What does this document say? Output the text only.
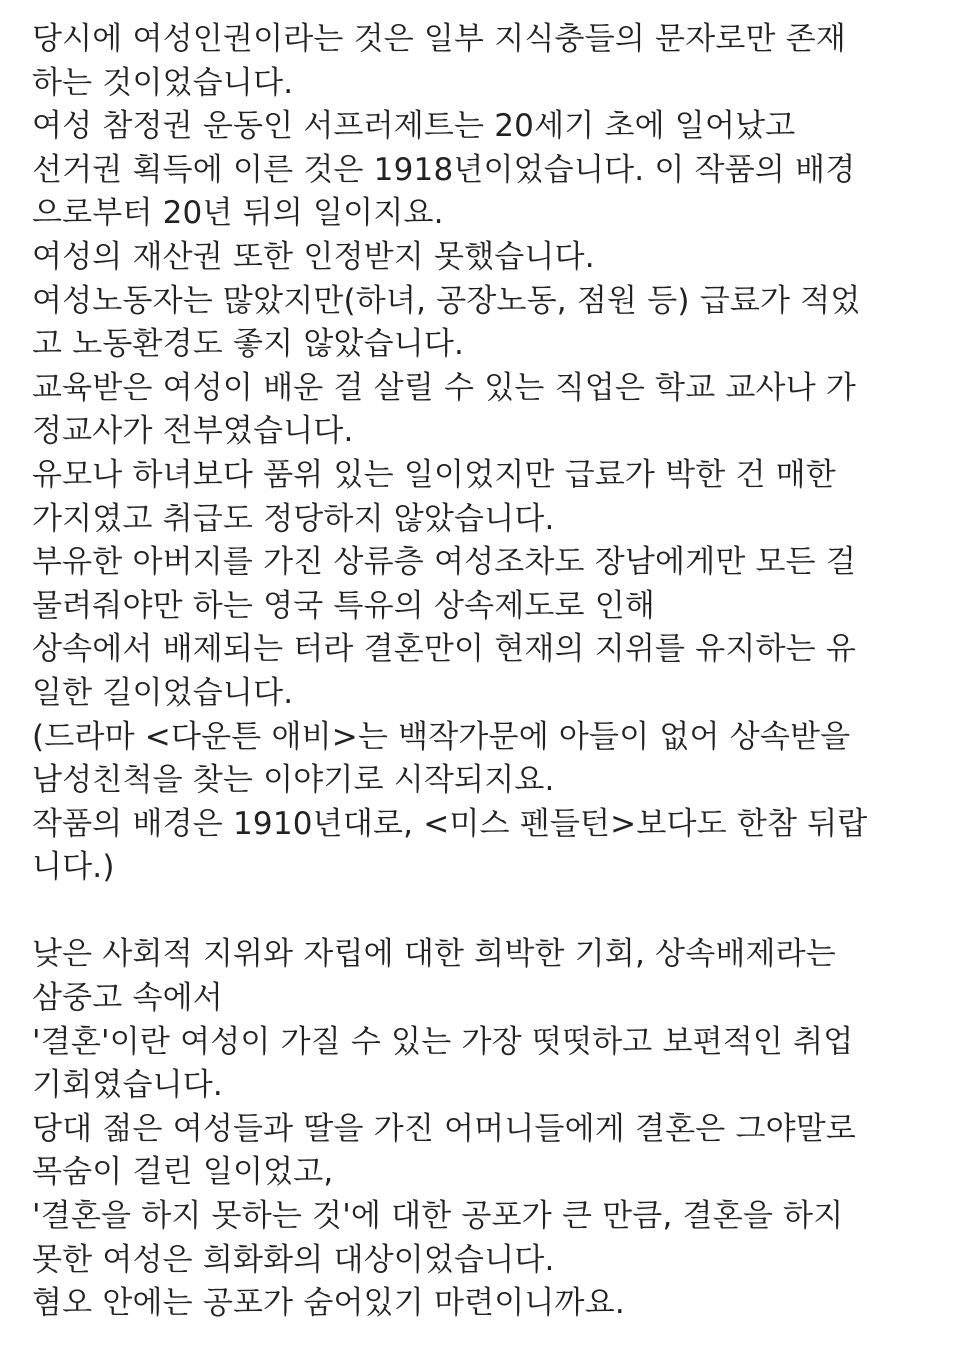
당시에 여성인권이라는 것은 일부 지식충들의 문자로만 존재
하는 것이었습니다.
여성 참정권 운동인 서프러제트는 20세기 초에 일어났고
선거권 획득에 이른 것은 1918년이었습니다. 이 작품의 배경
으로부터 20년 뒤의 일이지요.
여성의 재산권 또한 인정받지 못했습니다.
여성노동자는 많았지만(하녀, 공장노동, 점원 등) 급료가 적었
고 노동환경도 좋지 않았습니다.
교육받은 여성이 배운 걸 살릴 수 있는 직업은 학교 교사나 가
정교사가 전부였습니다.
유모나 하녀보다 품위 있는 일이었지만 급료가 박한 건 매한
가지였고 취급도 정당하지 않았습니다.
부유한 아버지를 가진 상류층 여성조차도 장남에게만 모든 걸
물려줘야만 하는 영국 특유의 상속제도로 인해
상속에서 배제되는 터라 결혼만이 현재의 지위를 유지하는 유
일한 길이었습니다.
(드라마 <다운튼 애비>는 백작가문에 아들이 없어 상속받을
남성친척을 찾는 이야기로 시작되지요.
작품의 배경은 1910년대로, <미스 펜들턴>보다도 한참 뒤랍
니다.)
낮은 사회적 지위와 자립에 대한 희박한 기회, 상속배제라는
삼중고 속에서
'결혼'이란 여성이 가질 수 있는 가장 떳떳하고 보편적인 취업
기회였습니다.
당대 젊은 여성들과 딸을 가진 어머니들에게 결혼은 그야말로
목숨이 걸린 일이었고,
'결혼을 하지 못하는 것'에 대한 공포가 큰 만큼, 결혼을 하지
못한 여성은 희화화의 대상이었습니다.
혐오 안에는 공포가 숨어있기 마련이니까요.
